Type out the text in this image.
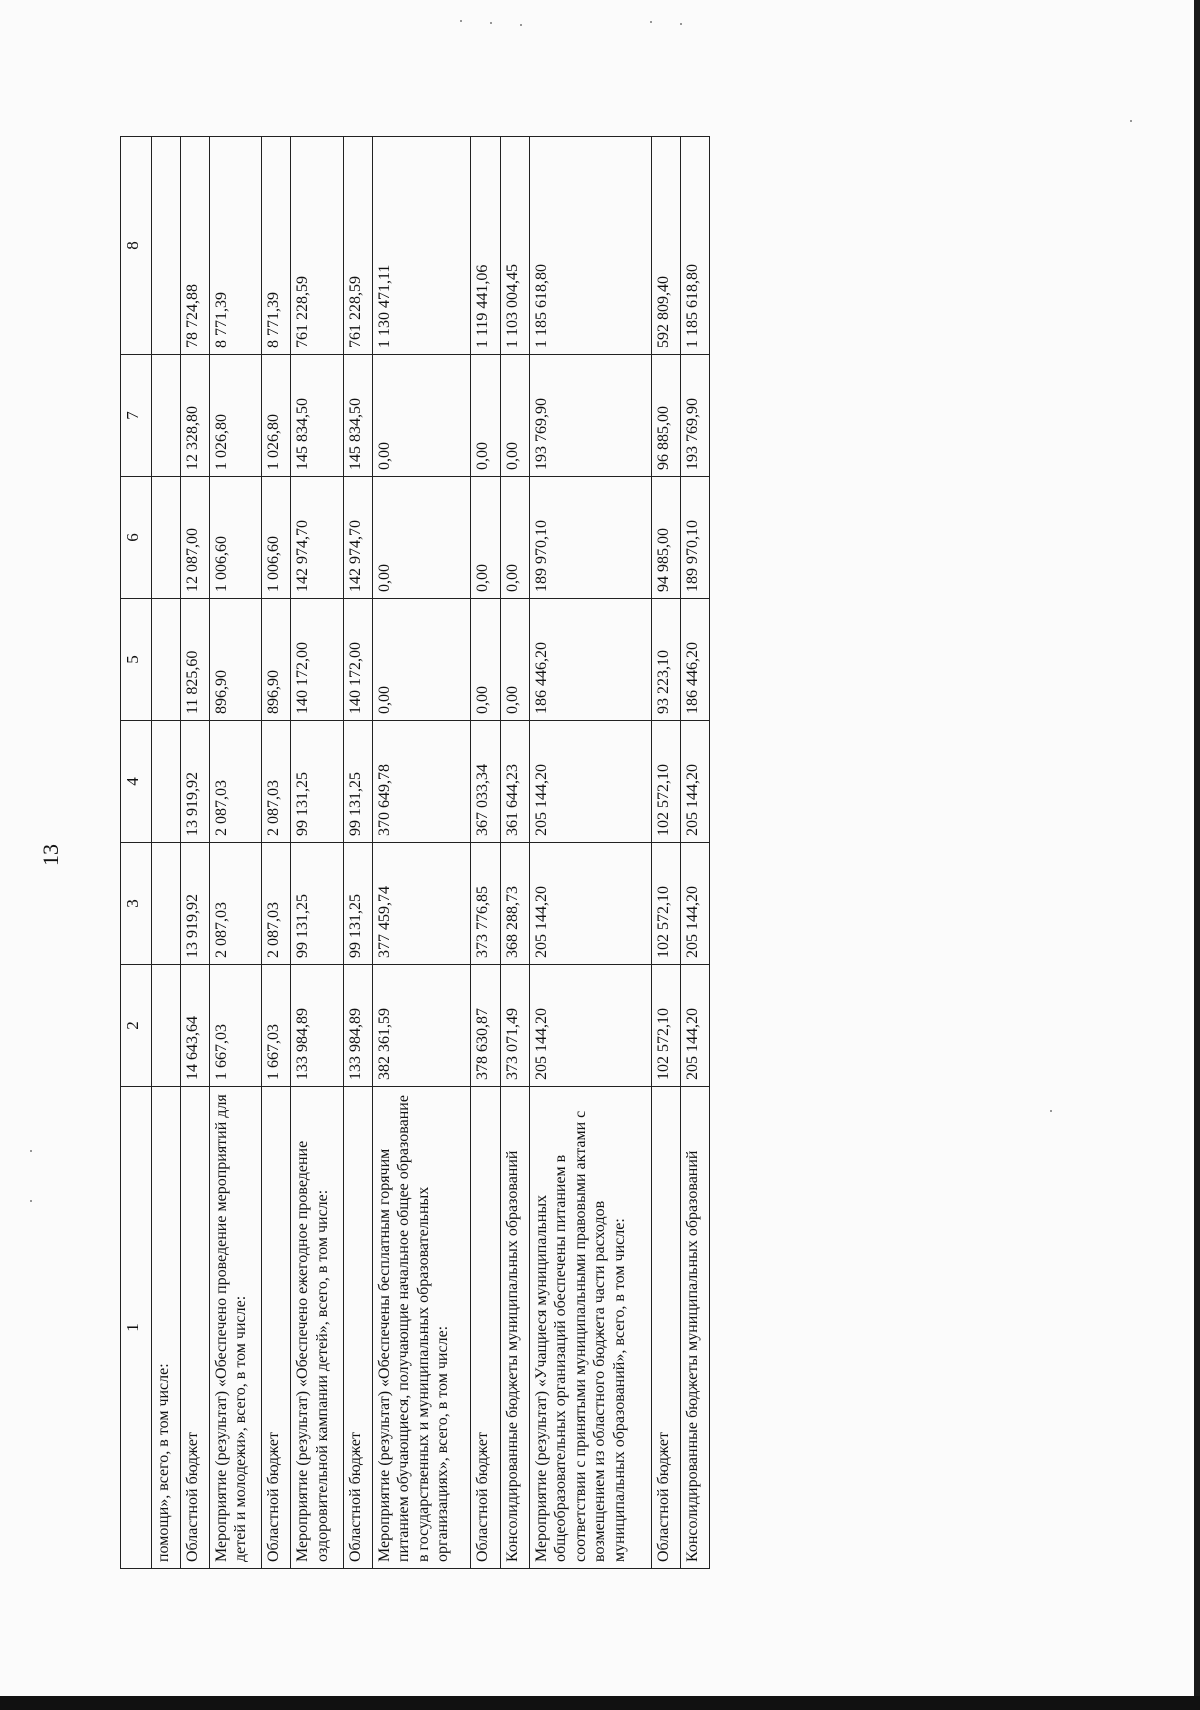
13
1	2	3	4	5	6	7	8
помощи», всего, в том числе:							
Областной бюджет	14 643,64	13 919,92	13 919,92	11 825,60	12 087,00	12 328,80	78 724,88
Мероприятие (результат) «Обеспечено проведение мероприятий для детей и молодежи», всего, в том числе:	1 667,03	2 087,03	2 087,03	896,90	1 006,60	1 026,80	8 771,39
Областной бюджет	1 667,03	2 087,03	2 087,03	896,90	1 006,60	1 026,80	8 771,39
Мероприятие (результат) «Обеспечено ежегодное проведение оздоровительной кампании детей», всего, в том числе:	133 984,89	99 131,25	99 131,25	140 172,00	142 974,70	145 834,50	761 228,59
Областной бюджет	133 984,89	99 131,25	99 131,25	140 172,00	142 974,70	145 834,50	761 228,59
Мероприятие (результат) «Обеспечены бесплатным горячим питанием обучающиеся, получающие начальное общее образование в государственных и муниципальных образовательных организациях», всего, в том числе:	382 361,59	377 459,74	370 649,78	0,00	0,00	0,00	1 130 471,11
Областной бюджет	378 630,87	373 776,85	367 033,34	0,00	0,00	0,00	1 119 441,06
Консолидированные бюджеты муниципальных образований	373 071,49	368 288,73	361 644,23	0,00	0,00	0,00	1 103 004,45
Мероприятие (результат) «Учащиеся муниципальных общеобразовательных организаций обеспечены питанием в соответствии с принятыми муниципальными правовыми актами с возмещением из областного бюджета части расходов муниципальных образований», всего, в том числе:	205 144,20	205 144,20	205 144,20	186 446,20	189 970,10	193 769,90	1 185 618,80
Областной бюджет	102 572,10	102 572,10	102 572,10	93 223,10	94 985,00	96 885,00	592 809,40
Консолидированные бюджеты муниципальных образований	205 144,20	205 144,20	205 144,20	186 446,20	189 970,10	193 769,90	1 185 618,80
